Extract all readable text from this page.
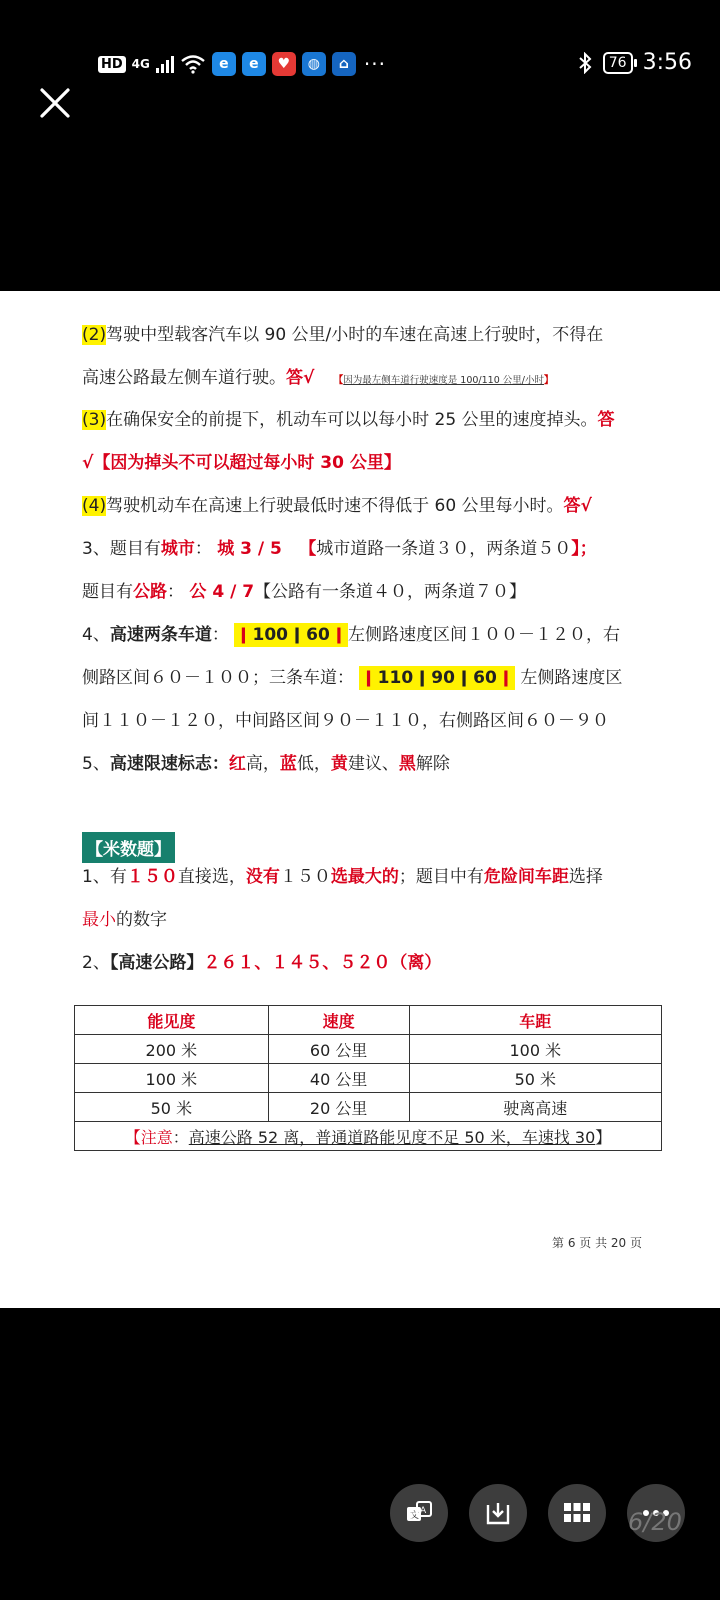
HD 4G	e	e	♥	◍	⌂ ···	76 3:56
(2)驾驶中型载客汽车以 90 公里/小时的车速在高速上行驶时，不得在
高速公路最左侧车道行驶。答√ 【因为最左侧车道行驶速度是 100/110 公里/小时】
(3)在确保安全的前提下，机动车可以以每小时 25 公里的速度掉头。答
√【因为掉头不可以超过每小时 30 公里】
(4)驾驶机动车在高速上行驶最低时速不得低于 60 公里每小时。答√
3、题目有城市： 城 3 / 5 【城市道路一条道３０，两条道５０】；
题目有公路： 公 4 / 7【公路有一条道４０，两条道７０】
4、高速两条车道： ǀ 100 ǀ 60 ǀ 左侧路速度区间１００－１２０，右
侧路区间６０－１００；三条车道： ǀ 110 ǀ 90 ǀ 60 ǀ 左侧路速度区
间１１０－１２０，中间路区间９０－１１０，右侧路区间６０－９０
5、高速限速标志：红高，蓝低，黄建议、黑解除
【米数题】
1、有１５０直接选，没有１５０选最大的；题目中有危险间车距选择
最小的数字
2、【高速公路】２６１、１４５、５２０（离）
能见度	速度	车距
200 米	60 公里	100 米
100 米	40 公里	50 米
50 米	20 公里	驶离高速
【注意：高速公路 52 离，普通道路能见度不足 50 米，车速找 30】		
第 6 页 共 20 页
文 A	6/20
